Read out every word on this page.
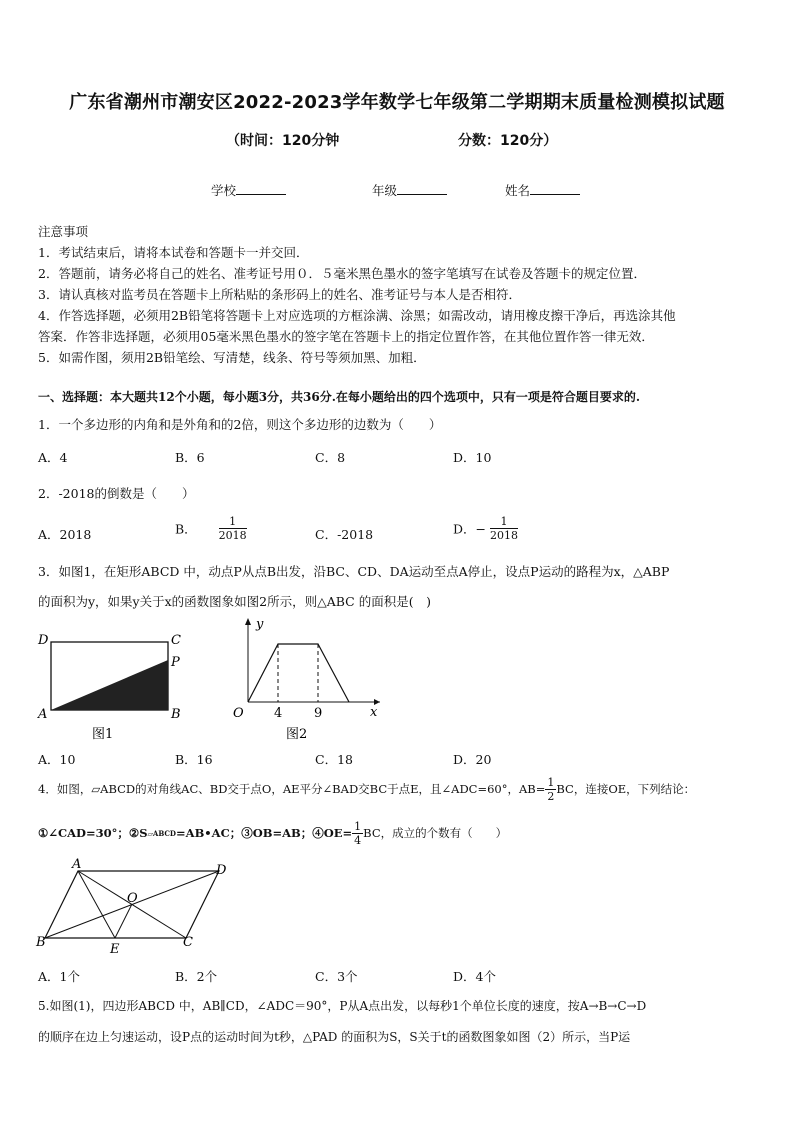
广东省潮州市潮安区2022-2023学年数学七年级第二学期期末质量检测模拟试题
（时间：120分钟	分数：120分）
学校	年级	姓名
注意事项
1．考试结束后，请将本试卷和答题卡一并交回．
2．答题前，请务必将自己的姓名、准考证号用０．５毫米黑色墨水的签字笔填写在试卷及答题卡的规定位置．
3．请认真核对监考员在答题卡上所粘贴的条形码上的姓名、准考证号与本人是否相符．
4．作答选择题，必须用2B铅笔将答题卡上对应选项的方框涂满、涂黑；如需改动，请用橡皮擦干净后，再选涂其他
答案．作答非选择题，必须用05毫米黑色墨水的签字笔在答题卡上的指定位置作答，在其他位置作答一律无效．
5．如需作图，须用2B铅笔绘、写清楚，线条、符号等须加黑、加粗．
一、选择题：本大题共12个小题，每小题3分，共36分.在每小题给出的四个选项中，只有一项是符合题目要求的.
1．一个多边形的内角和是外角和的2倍，则这个多边形的边数为（　　）
A．4	B．6	C．8	D．10
2．-2018的倒数是（　　）
A．2018	B． $\frac{1}{2018}$	C．-2018	D．− $\frac{1}{2018}$
3．如图1，在矩形ABCD 中，动点P从点B出发，沿BC、CD、DA运动至点A停止，设点P运动的路程为x，△ABP
的面积为y，如果y关于x的函数图象如图2所示，则△ABC 的面积是(　)
D	C
P
A	B
图1
y
x
O 4 9
图2
A．10	B．16	C．18	D．20
4．如图，▱ABCD的对角线AC、BD交于点O，AE平分∠BAD交BC于点E，且∠ADC=60°，$AB= \frac{1}{2}$ BC，连接OE，下列结论：
①∠CAD=30°；②S▱ABCD=AB•AC；③OB=AB；④OE= $\frac{1}{4}$ BC，成立的个数有（　　）
A	D
O
B	E	C
A．1个	B．2个	C．3个	D．4个
5.如图(1)，四边形ABCD 中，AB∥CD，∠ADC＝90°，P从A点出发，以每秒1个单位长度的速度，按A→B→C→D
的顺序在边上匀速运动，设P点的运动时间为t秒，△PAD 的面积为S，S关于t的函数图象如图（2）所示，当P运
